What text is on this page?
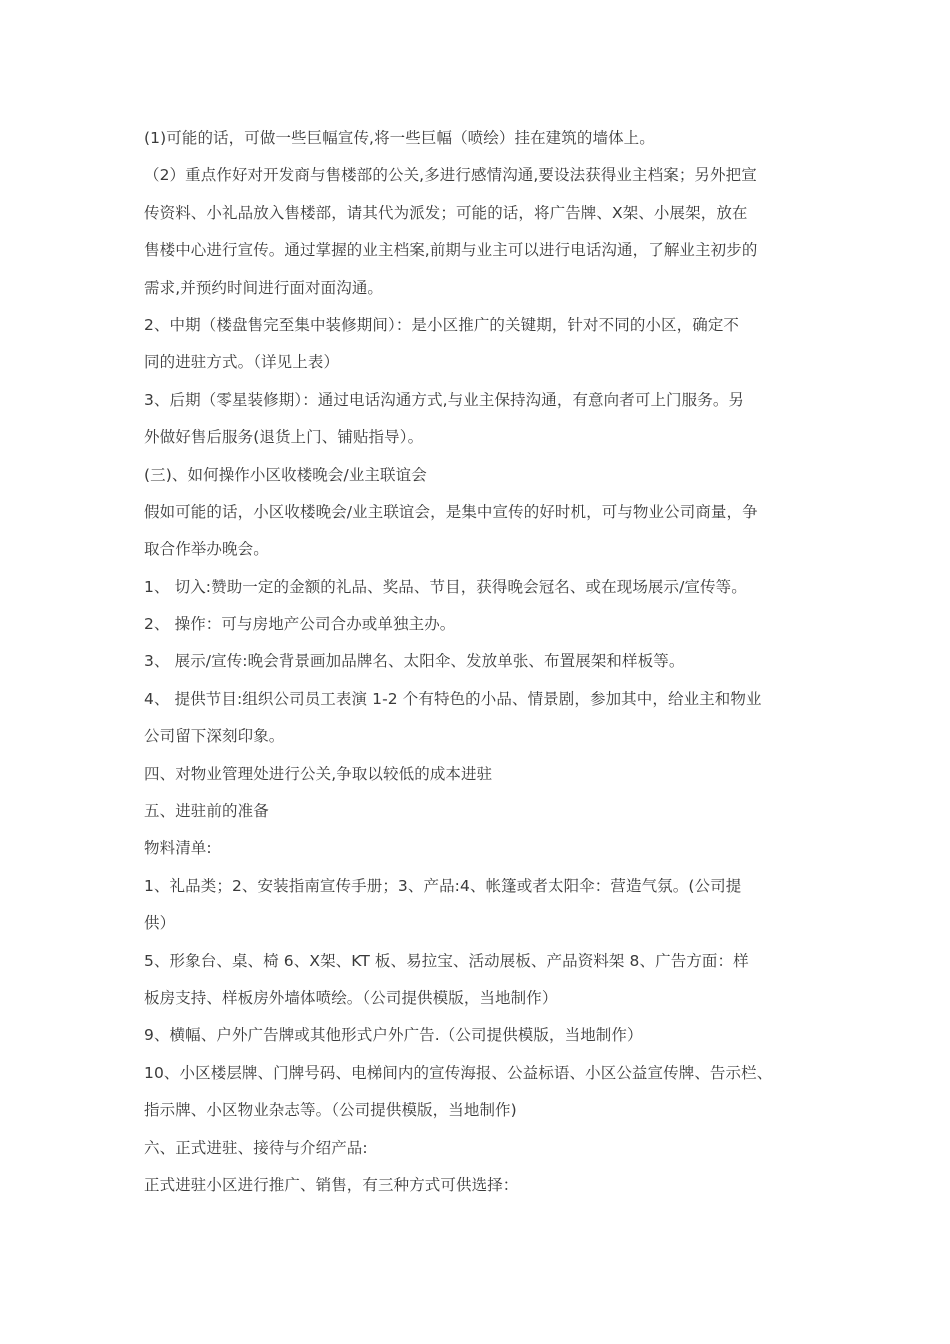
(1)可能的话，可做一些巨幅宣传,将一些巨幅（喷绘）挂在建筑的墙体上。
（2）重点作好对开发商与售楼部的公关,多进行感情沟通,要设法获得业主档案；另外把宣
传资料、小礼品放入售楼部，请其代为派发；可能的话，将广告牌、X架、小展架，放在
售楼中心进行宣传。通过掌握的业主档案,前期与业主可以进行电话沟通，了解业主初步的
需求,并预约时间进行面对面沟通。
2、中期（楼盘售完至集中装修期间）：是小区推广的关键期，针对不同的小区，确定不
同的进驻方式。（详见上表）
3、后期（零星装修期）：通过电话沟通方式,与业主保持沟通，有意向者可上门服务。另
外做好售后服务(退货上门、铺贴指导）。
(三)、如何操作小区收楼晚会/业主联谊会
假如可能的话，小区收楼晚会/业主联谊会，是集中宣传的好时机，可与物业公司商量，争
取合作举办晚会。
1、 切入:赞助一定的金额的礼品、奖品、节目，获得晚会冠名、或在现场展示/宣传等。
2、 操作：可与房地产公司合办或单独主办。
3、 展示/宣传:晚会背景画加品牌名、太阳伞、发放单张、布置展架和样板等。
4、 提供节目:组织公司员工表演 1-2 个有特色的小品、情景剧，参加其中，给业主和物业
公司留下深刻印象。
四、对物业管理处进行公关,争取以较低的成本进驻
五、进驻前的准备
物料清单:
1、礼品类；2、安装指南宣传手册；3、产品:4、帐篷或者太阳伞：营造气氛。(公司提
供）
5、形象台、桌、椅 6、X架、KT 板、易拉宝、活动展板、产品资料架 8、广告方面：样
板房支持、样板房外墙体喷绘。（公司提供模版，当地制作）
9、横幅、户外广告牌或其他形式户外广告.（公司提供模版，当地制作）
10、小区楼层牌、门牌号码、电梯间内的宣传海报、公益标语、小区公益宣传牌、告示栏、
指示牌、小区物业杂志等。（公司提供模版，当地制作)
六、正式进驻、接待与介绍产品:
正式进驻小区进行推广、销售，有三种方式可供选择：
